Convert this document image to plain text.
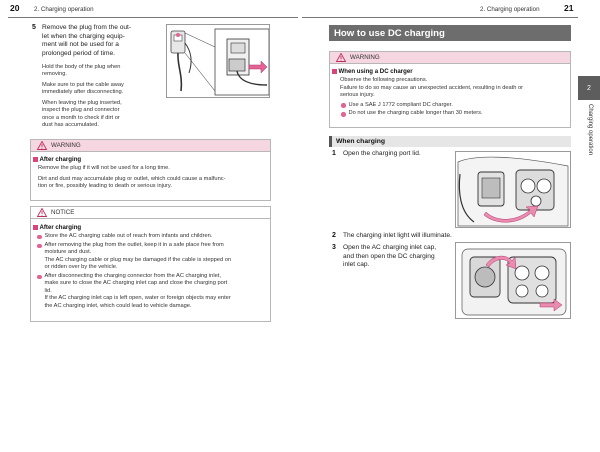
20 2. Charging operation
5 Remove the plug from the out-
let when the charging equip-
ment will not be used for a
prolonged period of time.
Hold the body of the plug when
removing.
Make sure to put the cable away
immediately after disconnecting.
When leaving the plug inserted,
inspect the plug and connector
once a month to check if dirt or
dust has accumulated.
WARNING
After charging
Remove the plug if it will not be used for a long time.
Dirt and dust may accumulate plug or outlet, which could cause a malfunc-
tion or fire, possibly leading to death or serious injury.
NOTICE
After charging
Store the AC charging cable out of reach from infants and children.
After removing the plug from the outlet, keep it in a safe place free from
moisture and dust.
The AC charging cable or plug may be damaged if the cable is stepped on
or ridden over by the vehicle.
After disconnecting the charging connector from the AC charging inlet,
make sure to close the AC charging inlet cap and close the charging port
lid.
If the AC charging inlet cap is left open, water or foreign objects may enter
the AC charging inlet, which could lead to vehicle damage.
2. Charging operation	21
How to use DC charging
WARNING
When using a DC charger
Observe the following precautions.
Failure to do so may cause an unexpected accident, resulting in death or
serious injury.
Use a SAE J 1772 compliant DC charger.
Do not use the charging cable longer than 30 meters.
When charging
1	Open the charging port lid.
2	The charging inlet light will illuminate.
3	Open the AC charging inlet cap,
and then open the DC charging
inlet cap.
2
Charging operation
